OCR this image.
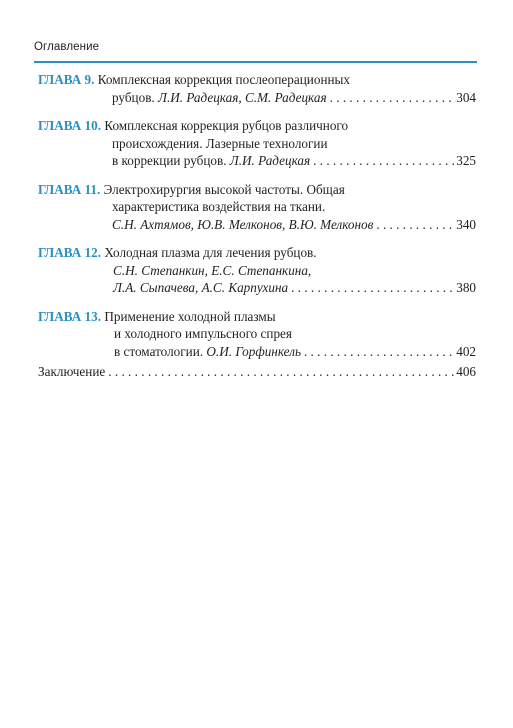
Оглавление
ГЛАВА 9.
Комплексная коррекция послеоперационных
рубцов.
Л.И. Радецкая, С.М. Радецкая . . .	304
ГЛАВА 10.
Комплексная коррекция рубцов различного
происхождения. Лазерные технологии
в коррекции рубцов.
Л.И. Радецкая . . .	325
ГЛАВА 11.
Электрохирургия высокой частоты. Общая
характеристика воздействия на ткани.
С.Н. Ахтямов, Ю.В. Мелконов, В.Ю. Мелконов . . .	340
ГЛАВА 12.
Холодная плазма для лечения рубцов.
С.Н. Степанкин, Е.С. Степанкина,
Л.А. Сыпачева, А.С. Карпухина . . .	380
ГЛАВА 13.
Применение холодной плазмы
и холодного импульсного спрея
в стоматологии.
О.И. Горфинкель . . .	402
Заключение . . .	406
